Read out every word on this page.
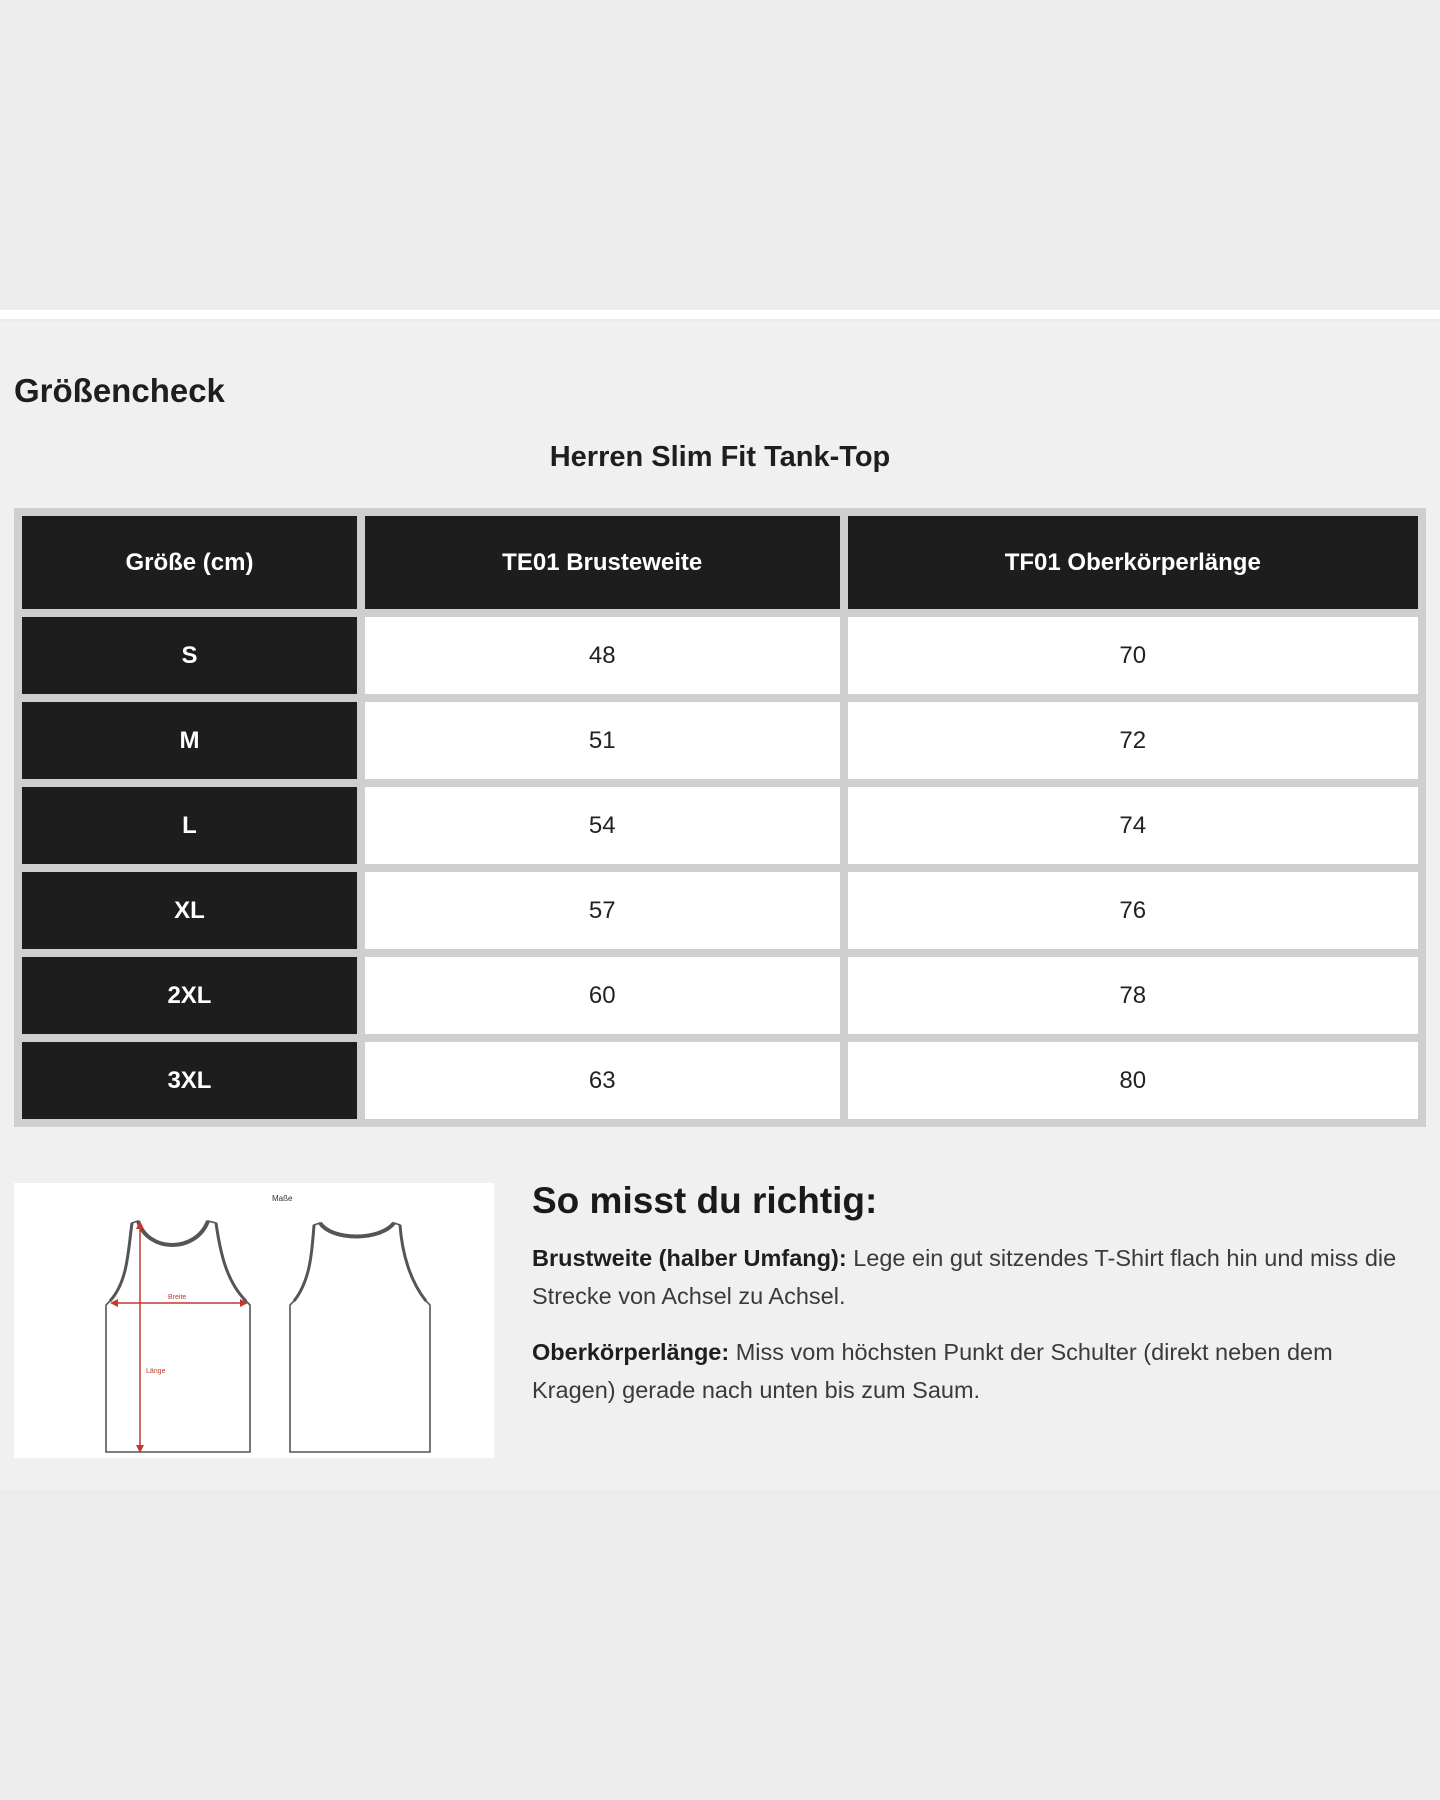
Größencheck
Herren Slim Fit Tank-Top
Größe (cm)	TE01 Brusteweite	TF01 Oberkörperlänge
S	48	70
M	51	72
L	54	74
XL	57	76
2XL	60	78
3XL	63	80
Maße
Breite
Länge
So misst du richtig:

Brustweite (halber Umfang): Lege ein gut sitzendes T-Shirt flach hin und miss die Strecke von Achsel zu Achsel.

Oberkörperlänge: Miss vom höchsten Punkt der Schulter (direkt neben dem Kragen) gerade nach unten bis zum Saum.
